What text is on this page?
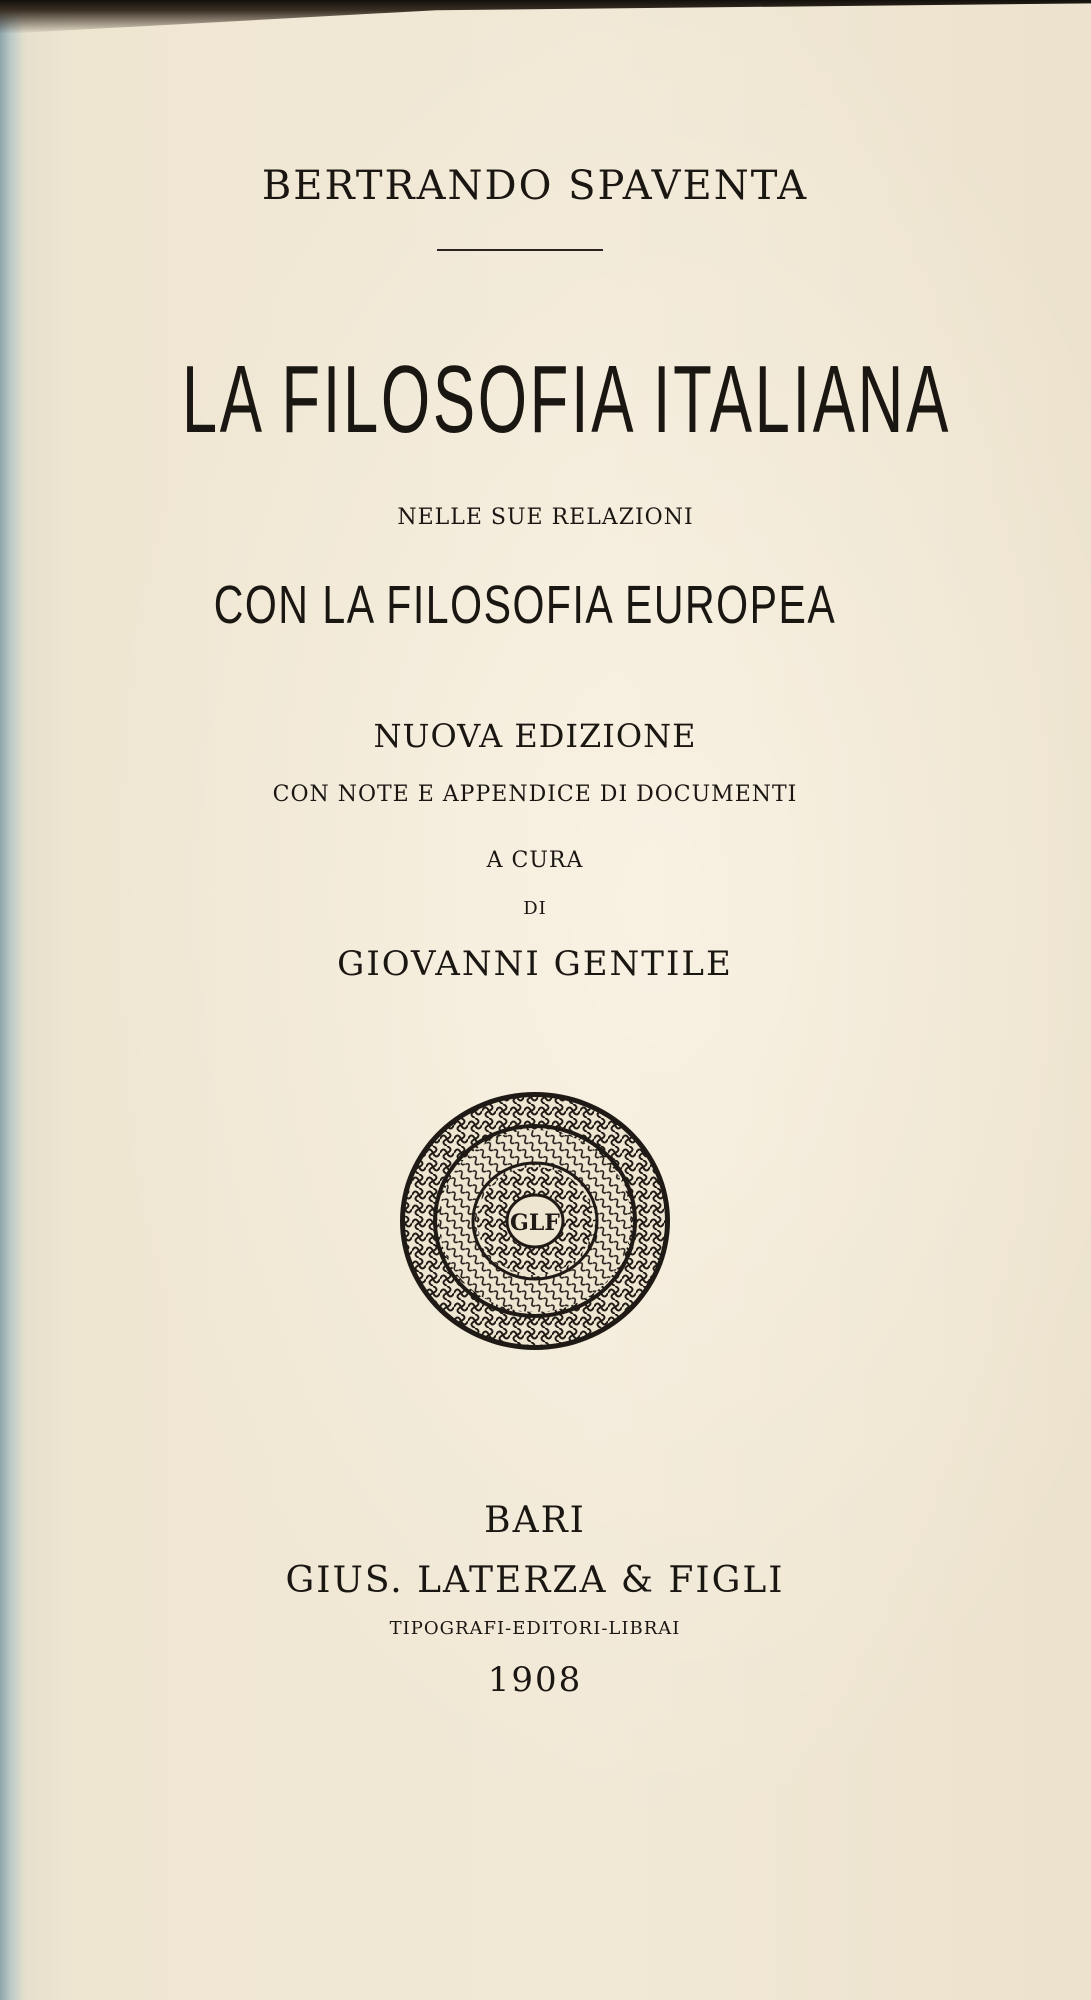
BERTRANDO SPAVENTA
LA FILOSOFIA ITALIANA
NELLE SUE RELAZIONI
CON LA FILOSOFIA EUROPEA
NUOVA EDIZIONE
CON NOTE E APPENDICE DI DOCUMENTI
A CURA
DI
GIOVANNI GENTILE
GLF
BARI
GIUS. LATERZA & FIGLI
TIPOGRAFI-EDITORI-LIBRAI
1908
